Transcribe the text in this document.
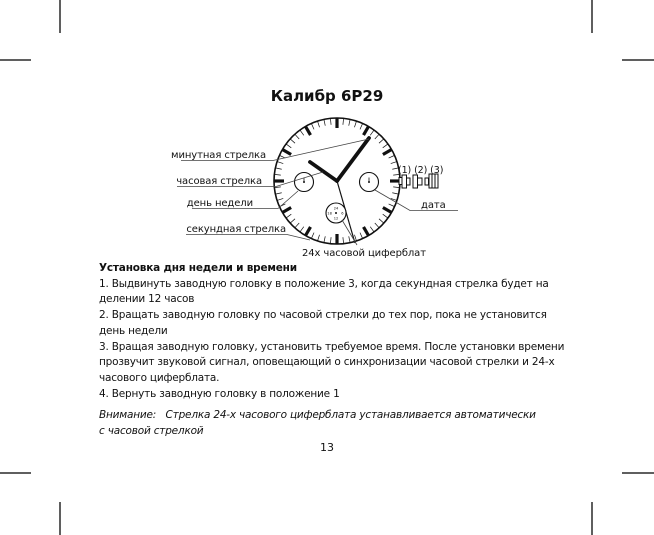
Калибр 6Р29
24
6
12
18
минутная стрелка
часовая стрелка
день недели
секундная стрелка
дата
(1) (2) (3)
24х часовой циферблат
Установка дня недели и времени
1. Выдвинуть заводную головку в положение 3, когда секундная стрелка будет на
делении 12 часов
2. Вращать заводную головку по часовой стрелки до тех пор, пока не установится
день недели
3. Вращая заводную головку, установить требуемое время. После установки времени
прозвучит звуковой сигнал, оповещающий о синхронизации часовой стрелки и 24-х
часового циферблата.
4. Вернуть заводную головку в положение 1
Внимание:   Стрелка 24-х часового циферблата устанавливается автоматически
с часовой стрелкой
13
